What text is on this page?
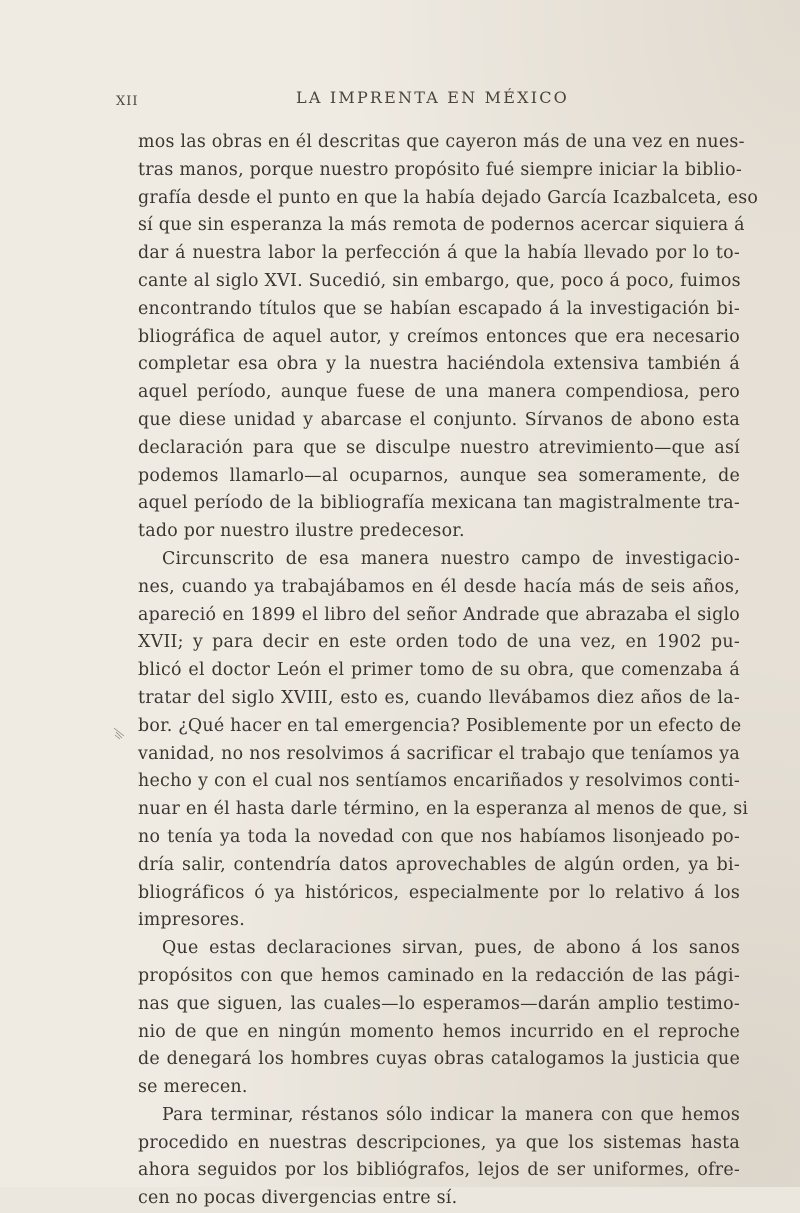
XII	LA IMPRENTA EN MÉXICO
mos las obras en él descritas que cayeron más de una vez en nues-
tras manos, porque nuestro propósito fué siempre iniciar la biblio-
grafía desde el punto en que la había dejado García Icazbalceta, eso
sí que sin esperanza la más remota de podernos acercar siquiera á
dar á nuestra labor la perfección á que la había llevado por lo to-
cante al siglo XVI. Sucedió, sin embargo, que, poco á poco, fuimos
encontrando títulos que se habían escapado á la investigación bi-
bliográfica de aquel autor, y creímos entonces que era necesario
completar esa obra y la nuestra haciéndola extensiva también á
aquel período, aunque fuese de una manera compendiosa, pero
que diese unidad y abarcase el conjunto. Sírvanos de abono esta
declaración para que se disculpe nuestro atrevimiento—que así
podemos llamarlo—al ocuparnos, aunque sea someramente, de
aquel período de la bibliografía mexicana tan magistralmente tra-
tado por nuestro ilustre predecesor.
Circunscrito de esa manera nuestro campo de investigacio-
nes, cuando ya trabajábamos en él desde hacía más de seis años,
apareció en 1899 el libro del señor Andrade que abrazaba el siglo
XVII; y para decir en este orden todo de una vez, en 1902 pu-
blicó el doctor León el primer tomo de su obra, que comenzaba á
tratar del siglo XVIII, esto es, cuando llevábamos diez años de la-
bor. ¿Qué hacer en tal emergencia? Posiblemente por un efecto de
vanidad, no nos resolvimos á sacrificar el trabajo que teníamos ya
hecho y con el cual nos sentíamos encariñados y resolvimos conti-
nuar en él hasta darle término, en la esperanza al menos de que, si
no tenía ya toda la novedad con que nos habíamos lisonjeado po-
dría salir, contendría datos aprovechables de algún orden, ya bi-
bliográficos ó ya históricos, especialmente por lo relativo á los
impresores.
Que estas declaraciones sirvan, pues, de abono á los sanos
propósitos con que hemos caminado en la redacción de las pági-
nas que siguen, las cuales—lo esperamos—darán amplio testimo-
nio de que en ningún momento hemos incurrido en el reproche
de denegará los hombres cuyas obras catalogamos la justicia que
se merecen.
Para terminar, réstanos sólo indicar la manera con que hemos
procedido en nuestras descripciones, ya que los sistemas hasta
ahora seguidos por los bibliógrafos, lejos de ser uniformes, ofre-
cen no pocas divergencias entre sí.
